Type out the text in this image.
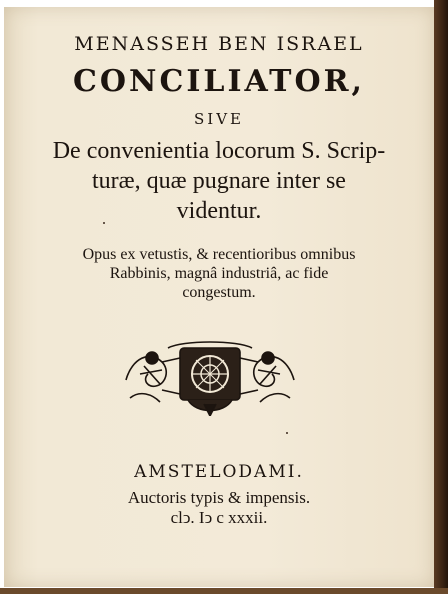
MENASSEH BEN ISRAEL
CONCILIATOR,
SIVE
De convenientia locorum S. Scrip-
turæ, quæ pugnare inter se
videntur.
Opus ex vetustis, & recentioribus omnibus
Rabbinis, magnâ industriâ, ac fide
congestum.
AMSTELODAMI.
Auctoris typis & impensis.
clↄ. Iↄ c xxxii.
